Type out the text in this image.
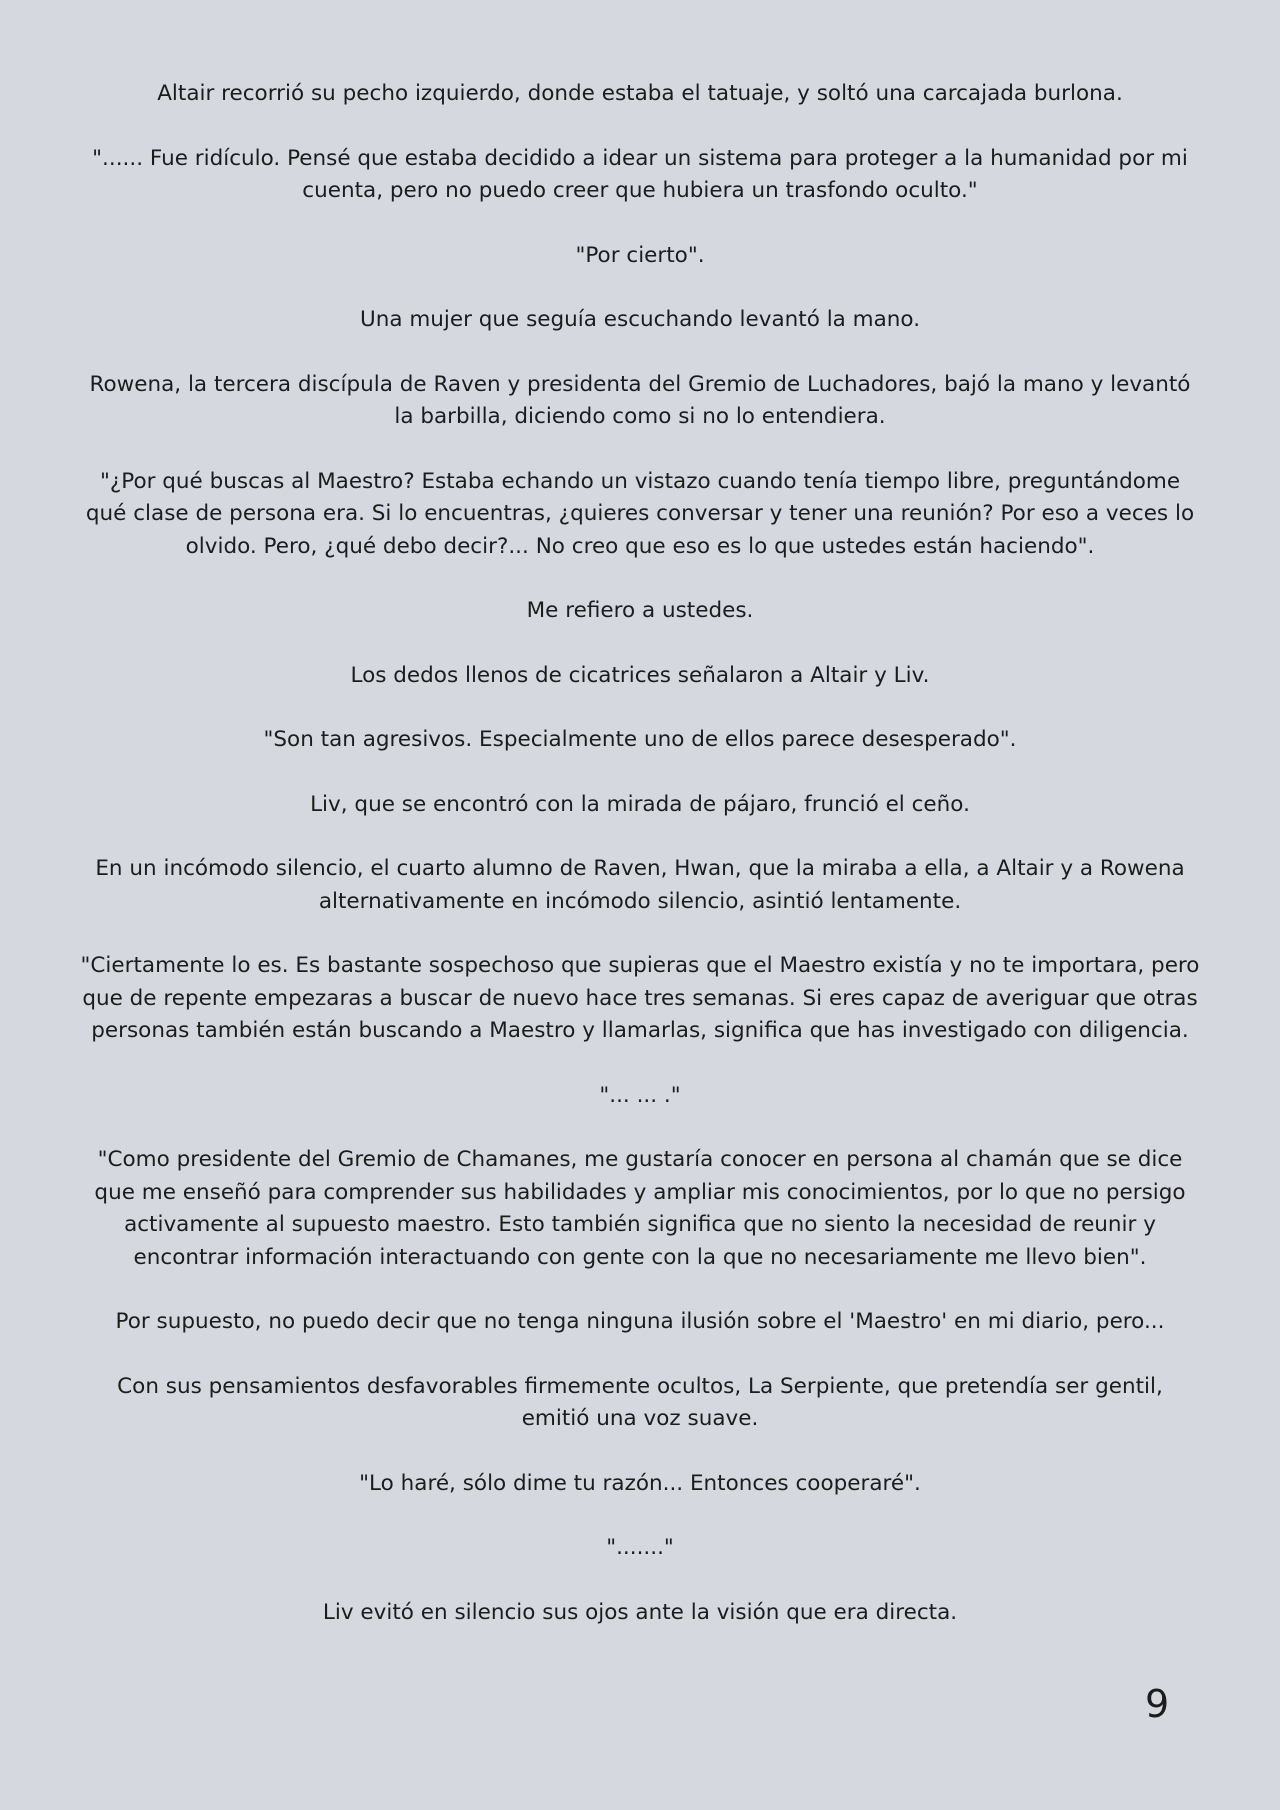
Altair recorrió su pecho izquierdo, donde estaba el tatuaje, y soltó una carcajada burlona.

"...... Fue ridículo. Pensé que estaba decidido a idear un sistema para proteger a la humanidad por mi cuenta, pero no puedo creer que hubiera un trasfondo oculto."

"Por cierto".

Una mujer que seguía escuchando levantó la mano.

Rowena, la tercera discípula de Raven y presidenta del Gremio de Luchadores, bajó la mano y levantó la barbilla, diciendo como si no lo entendiera.

"¿Por qué buscas al Maestro? Estaba echando un vistazo cuando tenía tiempo libre, preguntándome qué clase de persona era. Si lo encuentras, ¿quieres conversar y tener una reunión? Por eso a veces lo olvido. Pero, ¿qué debo decir?... No creo que eso es lo que ustedes están haciendo".

Me refiero a ustedes.

Los dedos llenos de cicatrices señalaron a Altair y Liv.

"Son tan agresivos. Especialmente uno de ellos parece desesperado".

Liv, que se encontró con la mirada de pájaro, frunció el ceño.

En un incómodo silencio, el cuarto alumno de Raven, Hwan, que la miraba a ella, a Altair y a Rowena alternativamente en incómodo silencio, asintió lentamente.

"Ciertamente lo es. Es bastante sospechoso que supieras que el Maestro existía y no te importara, pero que de repente empezaras a buscar de nuevo hace tres semanas. Si eres capaz de averiguar que otras personas también están buscando a Maestro y llamarlas, significa que has investigado con diligencia.

"... ... ."

"Como presidente del Gremio de Chamanes, me gustaría conocer en persona al chamán que se dice que me enseñó para comprender sus habilidades y ampliar mis conocimientos, por lo que no persigo activamente al supuesto maestro. Esto también significa que no siento la necesidad de reunir y encontrar información interactuando con gente con la que no necesariamente me llevo bien".

Por supuesto, no puedo decir que no tenga ninguna ilusión sobre el 'Maestro' en mi diario, pero...

Con sus pensamientos desfavorables firmemente ocultos, La Serpiente, que pretendía ser gentil, emitió una voz suave.

"Lo haré, sólo dime tu razón... Entonces cooperaré".

"......."

Liv evitó en silencio sus ojos ante la visión que era directa.

9
